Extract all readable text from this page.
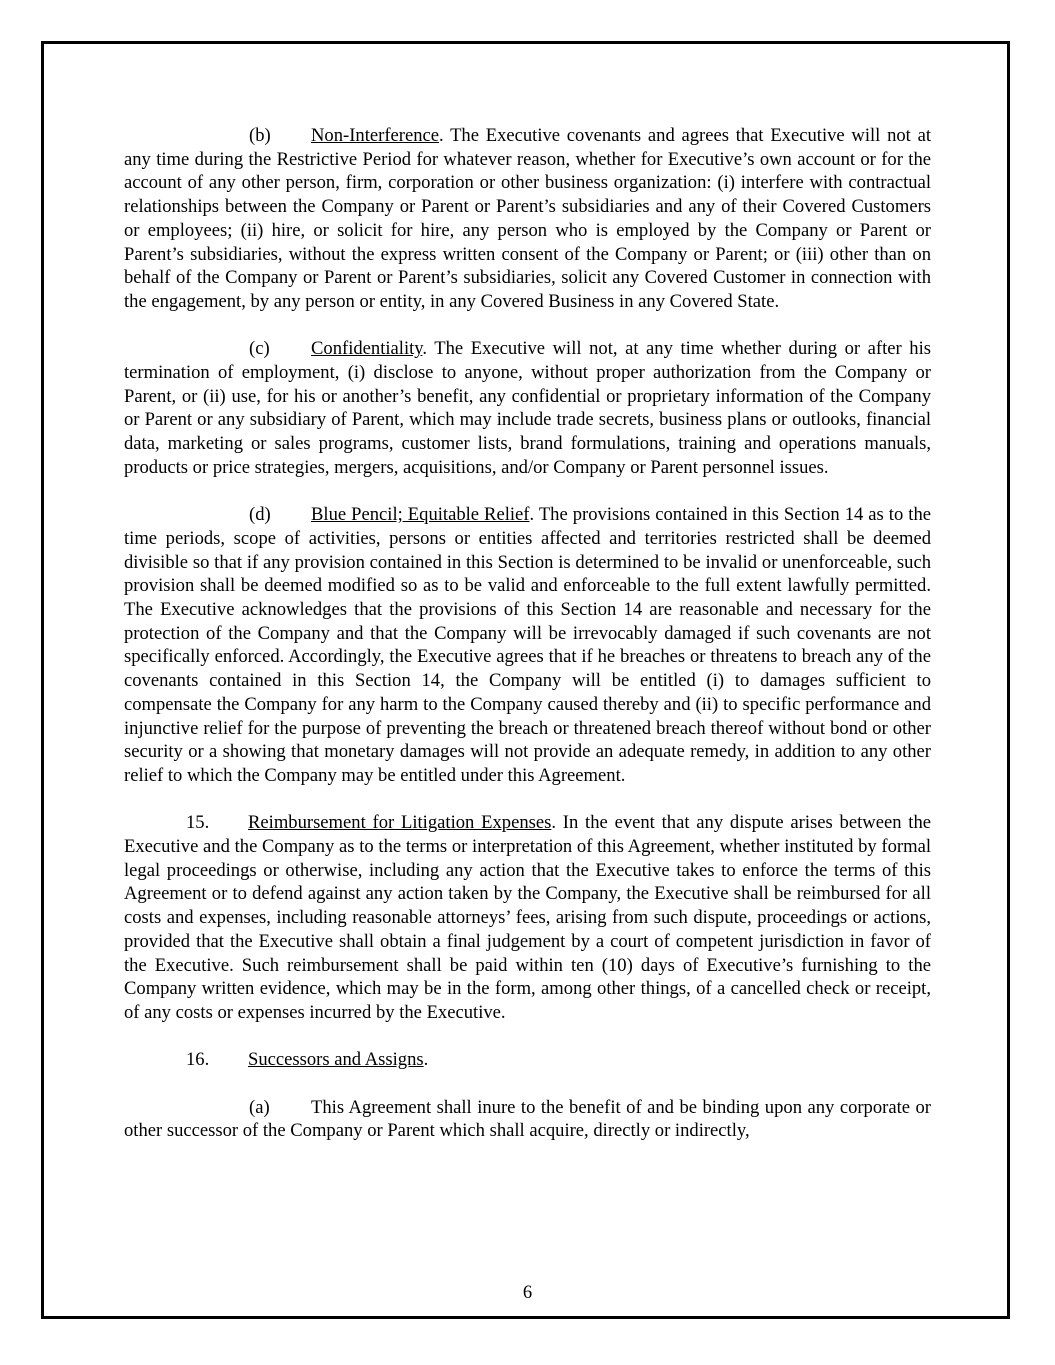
(b) Non-Interference. The Executive covenants and agrees that Executive will not at any time during the Restrictive Period for whatever reason, whether for Executive’s own account or for the account of any other person, firm, corporation or other business organization: (i) interfere with contractual relationships between the Company or Parent or Parent’s subsidiaries and any of their Covered Customers or employees; (ii) hire, or solicit for hire, any person who is employed by the Company or Parent or Parent’s subsidiaries, without the express written consent of the Company or Parent; or (iii) other than on behalf of the Company or Parent or Parent’s subsidiaries, solicit any Covered Customer in connection with the engagement, by any person or entity, in any Covered Business in any Covered State.

(c) Confidentiality. The Executive will not, at any time whether during or after his termination of employment, (i) disclose to anyone, without proper authorization from the Company or Parent, or (ii) use, for his or another’s benefit, any confidential or proprietary information of the Company or Parent or any subsidiary of Parent, which may include trade secrets, business plans or outlooks, financial data, marketing or sales programs, customer lists, brand formulations, training and operations manuals, products or price strategies, mergers, acquisitions, and/or Company or Parent personnel issues.

(d) Blue Pencil; Equitable Relief. The provisions contained in this Section 14 as to the time periods, scope of activities, persons or entities affected and territories restricted shall be deemed divisible so that if any provision contained in this Section is determined to be invalid or unenforceable, such provision shall be deemed modified so as to be valid and enforceable to the full extent lawfully permitted. The Executive acknowledges that the provisions of this Section 14 are reasonable and necessary for the protection of the Company and that the Company will be irrevocably damaged if such covenants are not specifically enforced. Accordingly, the Executive agrees that if he breaches or threatens to breach any of the covenants contained in this Section 14, the Company will be entitled (i) to damages sufficient to compensate the Company for any harm to the Company caused thereby and (ii) to specific performance and injunctive relief for the purpose of preventing the breach or threatened breach thereof without bond or other security or a showing that monetary damages will not provide an adequate remedy, in addition to any other relief to which the Company may be entitled under this Agreement.

15. Reimbursement for Litigation Expenses. In the event that any dispute arises between the Executive and the Company as to the terms or interpretation of this Agreement, whether instituted by formal legal proceedings or otherwise, including any action that the Executive takes to enforce the terms of this Agreement or to defend against any action taken by the Company, the Executive shall be reimbursed for all costs and expenses, including reasonable attorneys’ fees, arising from such dispute, proceedings or actions, provided that the Executive shall obtain a final judgement by a court of competent jurisdiction in favor of the Executive. Such reimbursement shall be paid within ten (10) days of Executive’s furnishing to the Company written evidence, which may be in the form, among other things, of a cancelled check or receipt, of any costs or expenses incurred by the Executive.

16. Successors and Assigns.

(a) This Agreement shall inure to the benefit of and be binding upon any corporate or other successor of the Company or Parent which shall acquire, directly or indirectly,

6
